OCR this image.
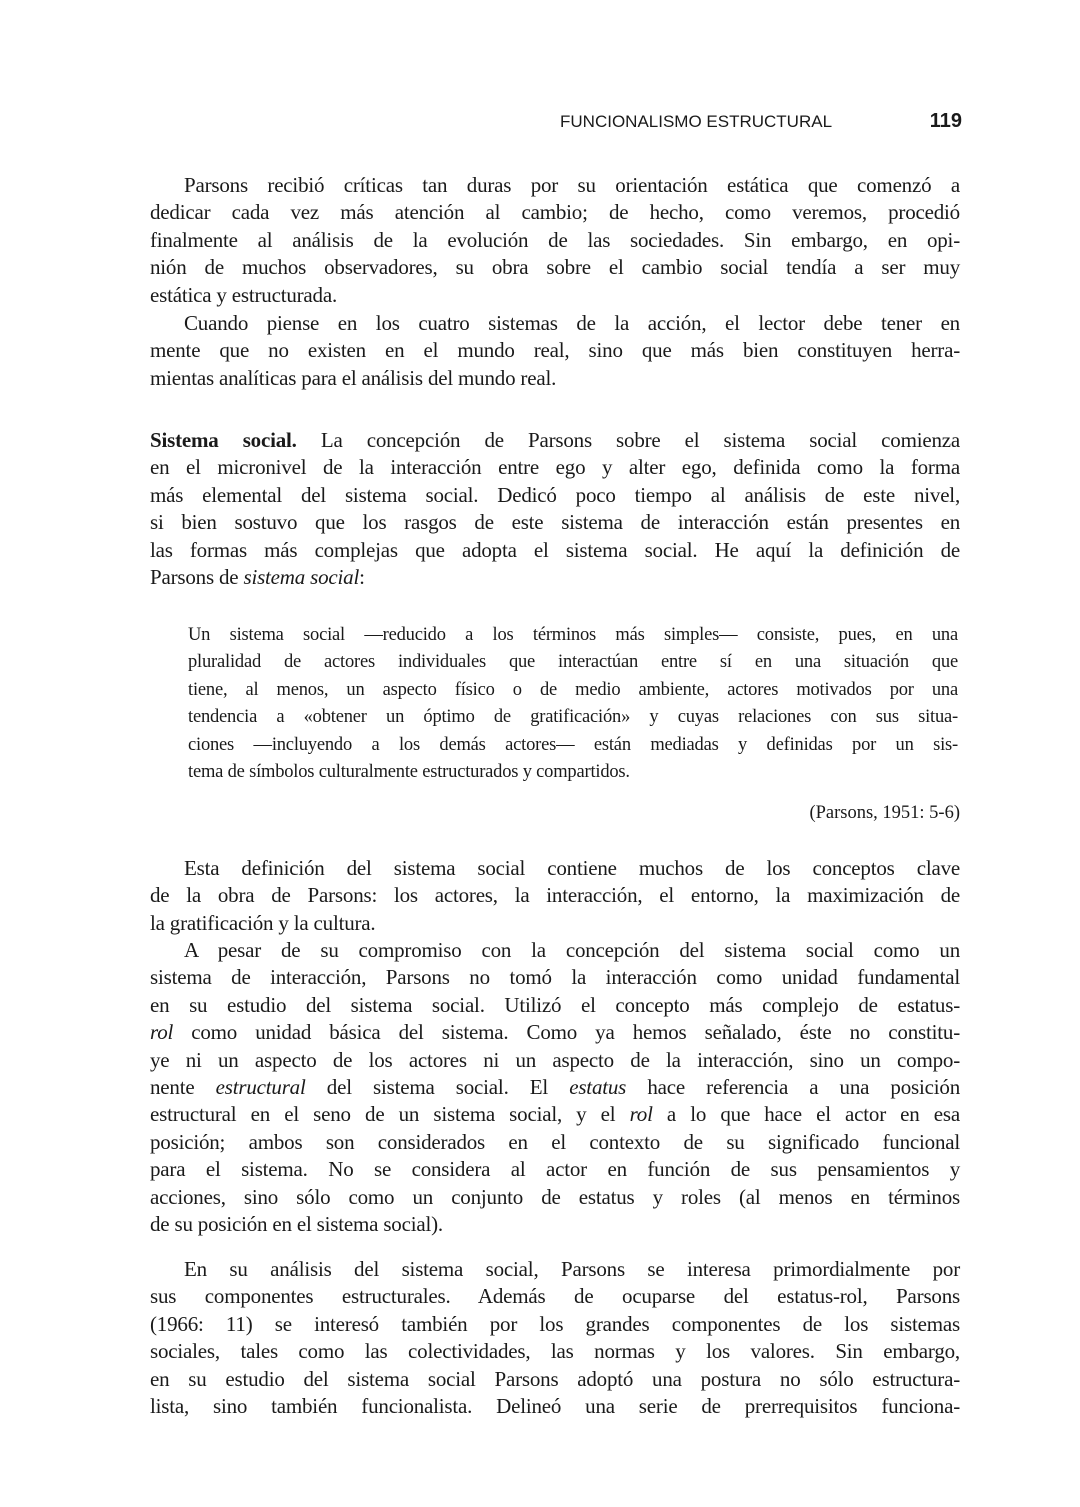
FUNCIONALISMO ESTRUCTURAL	119
Parsons recibió críticas tan duras por su orientación estática que comenzó a
dedicar cada vez más atención al cambio; de hecho, como veremos, procedió
finalmente al análisis de la evolución de las sociedades. Sin embargo, en opi-
nión de muchos observadores, su obra sobre el cambio social tendía a ser muy
estática y estructurada.
Cuando piense en los cuatro sistemas de la acción, el lector debe tener en
mente que no existen en el mundo real, sino que más bien constituyen herra-
mientas analíticas para el análisis del mundo real.
Sistema social. La concepción de Parsons sobre el sistema social comienza
en el micronivel de la interacción entre ego y alter ego, definida como la forma
más elemental del sistema social. Dedicó poco tiempo al análisis de este nivel,
si bien sostuvo que los rasgos de este sistema de interacción están presentes en
las formas más complejas que adopta el sistema social. He aquí la definición de
Parsons de sistema social:
Un sistema social —reducido a los términos más simples— consiste, pues, en una
pluralidad de actores individuales que interactúan entre sí en una situación que
tiene, al menos, un aspecto físico o de medio ambiente, actores motivados por una
tendencia a «obtener un óptimo de gratificación» y cuyas relaciones con sus situa-
ciones —incluyendo a los demás actores— están mediadas y definidas por un sis-
tema de símbolos culturalmente estructurados y compartidos.
Esta definición del sistema social contiene muchos de los conceptos clave
de la obra de Parsons: los actores, la interacción, el entorno, la maximización de
la gratificación y la cultura.
A pesar de su compromiso con la concepción del sistema social como un
sistema de interacción, Parsons no tomó la interacción como unidad fundamental
en su estudio del sistema social. Utilizó el concepto más complejo de estatus-
rol como unidad básica del sistema. Como ya hemos señalado, éste no constitu-
ye ni un aspecto de los actores ni un aspecto de la interacción, sino un compo-
nente estructural del sistema social. El estatus hace referencia a una posición
estructural en el seno de un sistema social, y el rol a lo que hace el actor en esa
posición; ambos son considerados en el contexto de su significado funcional
para el sistema. No se considera al actor en función de sus pensamientos y
acciones, sino sólo como un conjunto de estatus y roles (al menos en términos
de su posición en el sistema social).
En su análisis del sistema social, Parsons se interesa primordialmente por
sus componentes estructurales. Además de ocuparse del estatus-rol, Parsons
(1966: 11) se interesó también por los grandes componentes de los sistemas
sociales, tales como las colectividades, las normas y los valores. Sin embargo,
en su estudio del sistema social Parsons adoptó una postura no sólo estructura-
lista, sino también funcionalista. Delineó una serie de prerrequisitos funciona-
(Parsons, 1951: 5-6)
